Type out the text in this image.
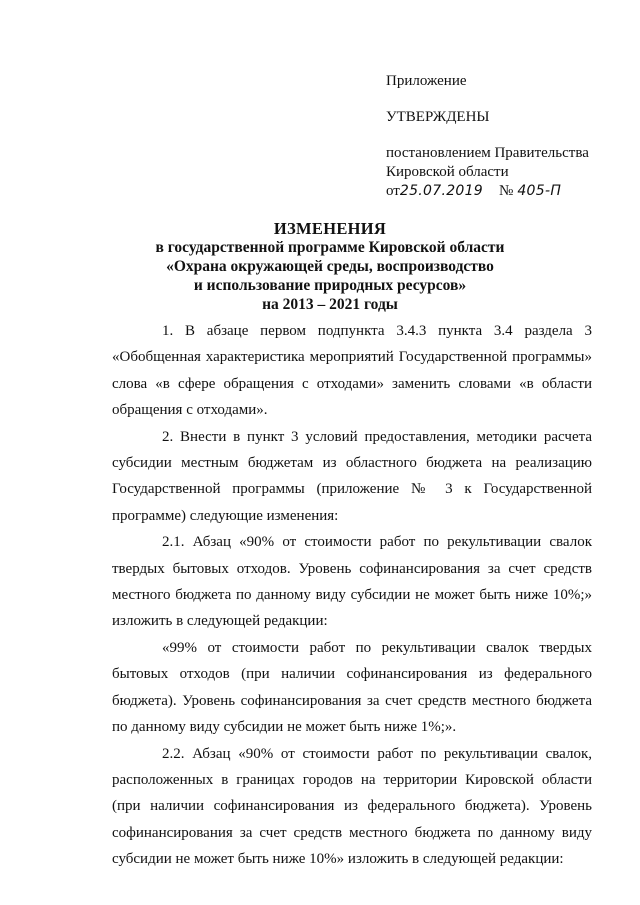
Приложение
УТВЕРЖДЕНЫ
постановлением Правительства
Кировской области
от25.07.2019 № 405-П
ИЗМЕНЕНИЯ
в государственной программе Кировской области
«Охрана окружающей среды, воспроизводство
и использование природных ресурсов»
на 2013 – 2021 годы

1. В абзаце первом подпункта 3.4.3 пункта 3.4 раздела 3 «Обобщенная характеристика мероприятий Государственной программы» слова «в сфере обращения с отходами» заменить словами «в области обращения с отходами».

2. Внести в пункт 3 условий предоставления, методики расчета субсидии местным бюджетам из областного бюджета на реализацию Государственной программы (приложение № 3 к Государственной программе) следующие изменения:

2.1. Абзац «90% от стоимости работ по рекультивации свалок твердых бытовых отходов. Уровень софинансирования за счет средств местного бюджета по данному виду субсидии не может быть ниже 10%;» изложить в следующей редакции:

«99% от стоимости работ по рекультивации свалок твердых бытовых отходов (при наличии софинансирования из федерального бюджета). Уровень софинансирования за счет средств местного бюджета по данному виду субсидии не может быть ниже 1%;».

2.2. Абзац «90% от стоимости работ по рекультивации свалок, расположенных в границах городов на территории Кировской области (при наличии софинансирования из федерального бюджета). Уровень софинансирования за счет средств местного бюджета по данному виду субсидии не может быть ниже 10%» изложить в следующей редакции:
